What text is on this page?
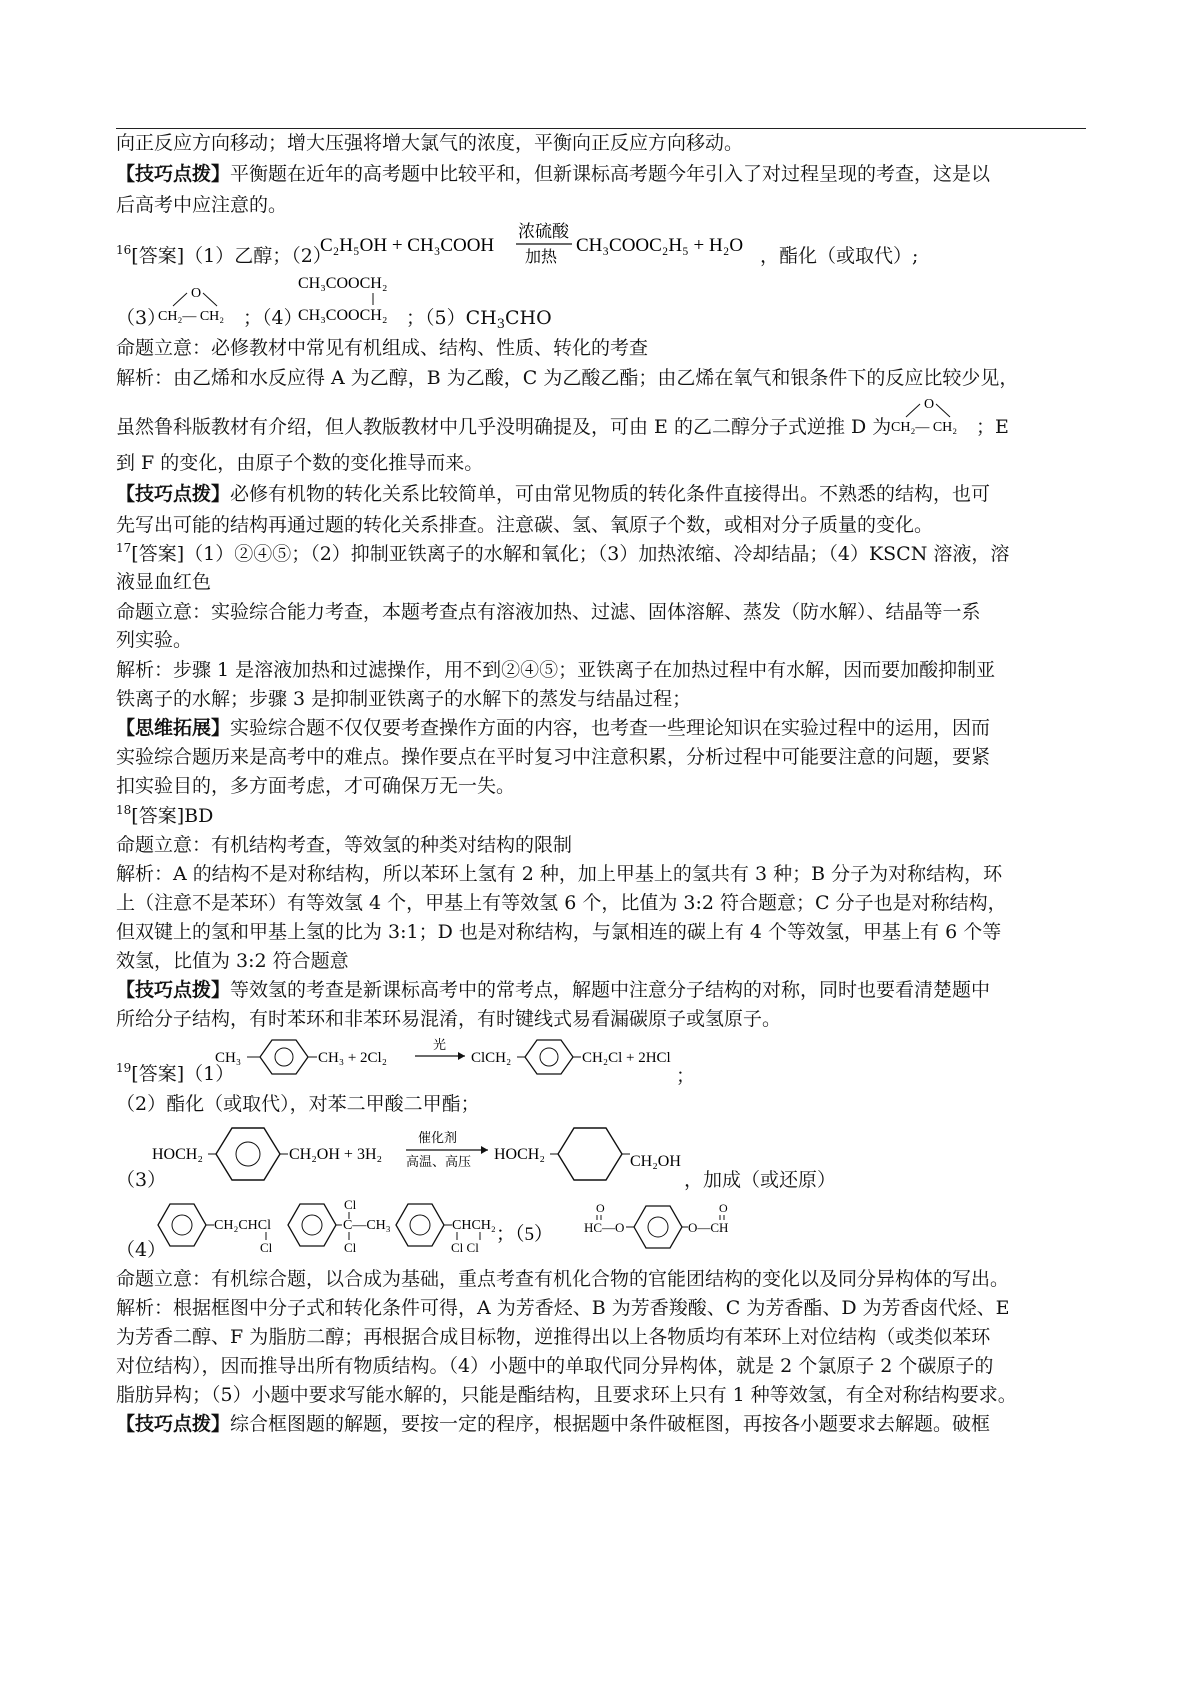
向正反应方向移动；增大压强将增大氯气的浓度，平衡向正反应方向移动。
【技巧点拨】平衡题在近年的高考题中比较平和，但新课标高考题今年引入了对过程呈现的考查，这是以
后高考中应注意的。
$^{16}$[答案]（1）乙醇；（2）
C₂H₅OH + CH₃COOH
浓硫酸
加热
CH₃COOC₂H₅ + H₂O ，酯化（或取代）;
（3）
O
CH₂— CH₂ ；（4）
CH₃COOCH₂
CH₃COOCH₂ ；$(5)CH_3CHO$
命题立意：必修教材中常见有机组成、结构、性质、转化的考查
解析：由乙烯和水反应得 A 为乙醇，B 为乙酸，C 为乙酸乙酯；由乙烯在氧气和银条件下的反应比较少见，
虽然鲁科版教材有介绍，但人教版教材中几乎没明确提及，可由 E 的乙二醇分子式逆推 D 为
O
CH₂— CH₂ ；E
到 F 的变化，由原子个数的变化推导而来。
【技巧点拨】必修有机物的转化关系比较简单，可由常见物质的转化条件直接得出。不熟悉的结构，也可
先写出可能的结构再通过题的转化关系排查。注意碳、氢、氧原子个数，或相对分子质量的变化。
$^{17}$[答案]（1）②④⑤；（2）抑制亚铁离子的水解和氧化；（3）加热浓缩、冷却结晶；（4）KSCN 溶液，溶
液显血红色
命题立意：实验综合能力考查，本题考查点有溶液加热、过滤、固体溶解、蒸发（防水解）、结晶等一系
列实验。
解析：步骤 1 是溶液加热和过滤操作，用不到②④⑤；亚铁离子在加热过程中有水解，因而要加酸抑制亚
铁离子的水解；步骤 3 是抑制亚铁离子的水解下的蒸发与结晶过程；
【思维拓展】实验综合题不仅仅要考查操作方面的内容，也考查一些理论知识在实验过程中的运用，因而
实验综合题历来是高考中的难点。操作要点在平时复习中注意积累，分析过程中可能要注意的问题，要紧
扣实验目的，多方面考虑，才可确保万无一失。
$^{18}$[答案]BD
命题立意：有机结构考查，等效氢的种类对结构的限制
解析：A 的结构不是对称结构，所以苯环上氢有 2 种，加上甲基上的氢共有 3 种；B 分子为对称结构，环
上（注意不是苯环）有等效氢 4 个，甲基上有等效氢 6 个，比值为 3:2 符合题意；C 分子也是对称结构，
但双键上的氢和甲基上氢的比为 3:1；D 也是对称结构，与氯相连的碳上有 4 个等效氢，甲基上有 6 个等
效氢，比值为 3:2 符合题意
【技巧点拨】等效氢的考查是新课标高考中的常考点，解题中注意分子结构的对称，同时也要看清楚题中
所给分子结构，有时苯环和非苯环易混淆，有时键线式易看漏碳原子或氢原子。
$^{19}$[答案]（1）
CH₃	CH₃ + 2Cl₂
光
ClCH₂	CH₂Cl + 2HCl
；
（2）酯化（或取代），对苯二甲酸二甲酯；
（3）
HOCH₂	CH₂OH + 3H₂
催化剂
高温、高压 HOCH₂	CH₂OH
，加成（或还原）
（4）
CH₂CHCl
Cl
Cl
C—CH₃
Cl
CHCH₂
Cl Cl
；（5）
O
HC—O	O—CH
O
命题立意：有机综合题，以合成为基础，重点考查有机化合物的官能团结构的变化以及同分异构体的写出。
解析：根据框图中分子式和转化条件可得，A 为芳香烃、B 为芳香羧酸、C 为芳香酯、D 为芳香卤代烃、E
为芳香二醇、F 为脂肪二醇；再根据合成目标物，逆推得出以上各物质均有苯环上对位结构（或类似苯环
对位结构），因而推导出所有物质结构。（4）小题中的单取代同分异构体，就是 2 个氯原子 2 个碳原子的
脂肪异构；（5）小题中要求写能水解的，只能是酯结构，且要求环上只有 1 种等效氢，有全对称结构要求。
【技巧点拨】综合框图题的解题，要按一定的程序，根据题中条件破框图，再按各小题要求去解题。破框
